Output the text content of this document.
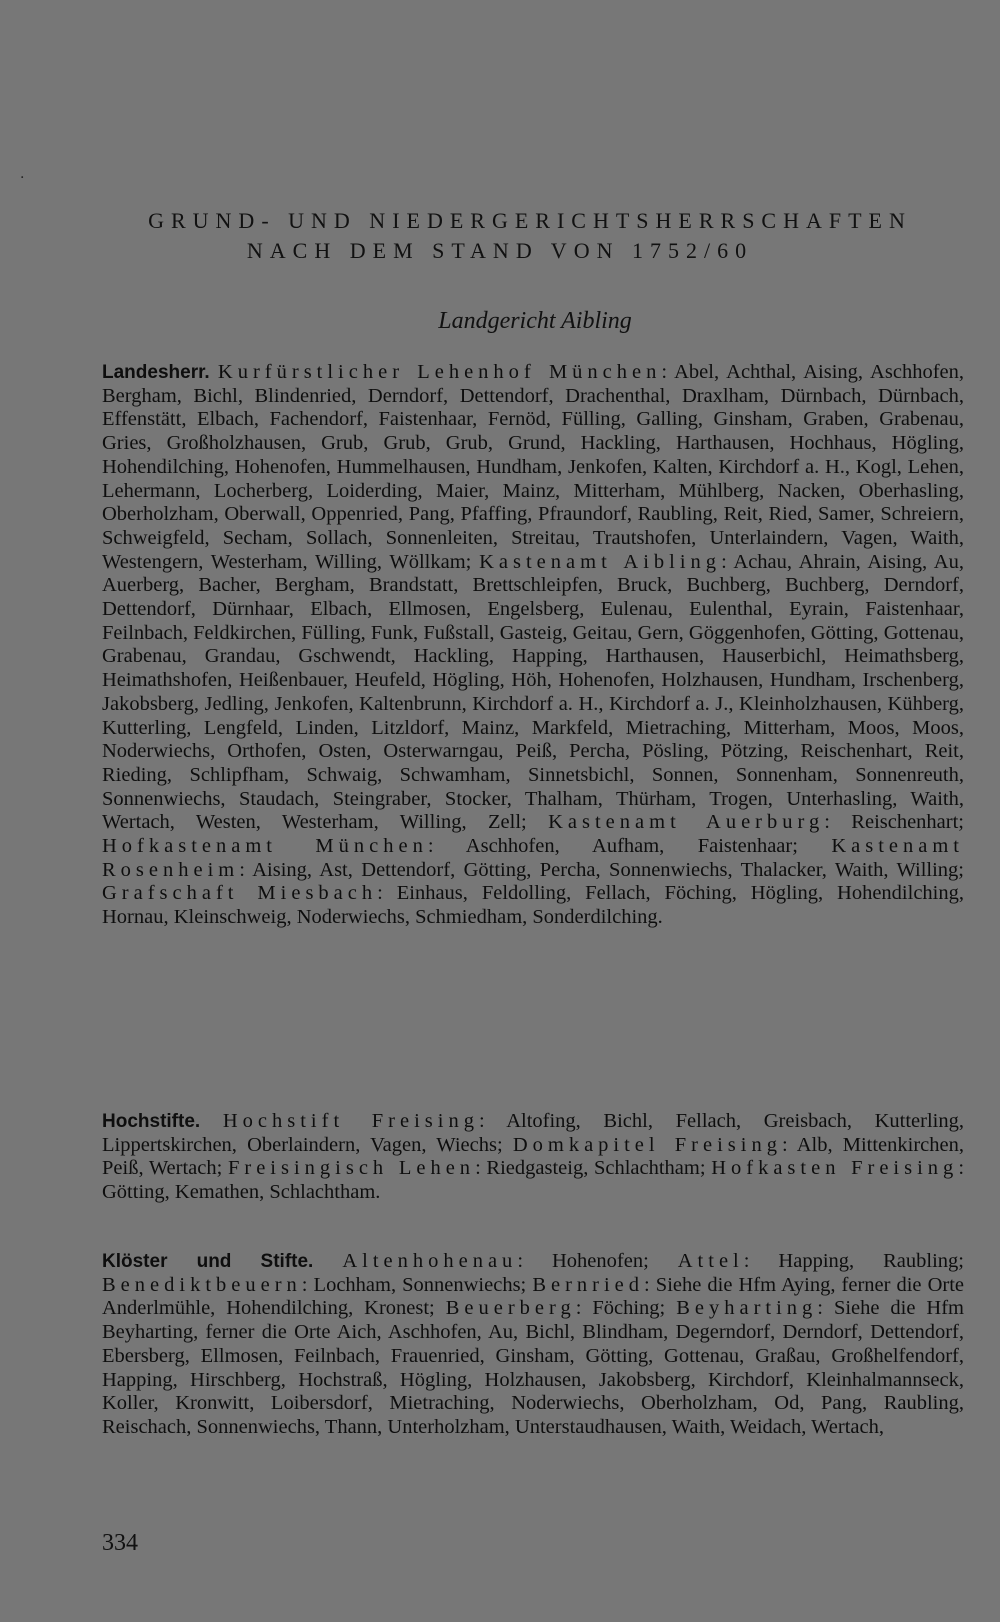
·
GRUND- UND NIEDERGERICHTSHERRSCHAFTEN
NACH DEM STAND VON 1752/60
Landgericht Aibling
Landesherr. Kurfürstlicher Lehenhof München: Abel, Achthal, Aising, Aschhofen, Bergham, Bichl, Blindenried, Derndorf, Dettendorf, Drachenthal, Draxlham, Dürnbach, Dürnbach, Effenstätt, Elbach, Fachendorf, Faistenhaar, Fernöd, Fülling, Galling, Ginsham, Graben, Grabenau, Gries, Großholzhausen, Grub, Grub, Grub, Grund, Hackling, Harthausen, Hochhaus, Högling, Hohendilching, Hohenofen, Hummelhausen, Hundham, Jenkofen, Kalten, Kirchdorf a. H., Kogl, Lehen, Lehermann, Locherberg, Loiderding, Maier, Mainz, Mitterham, Mühlberg, Nacken, Oberhasling, Oberholzham, Oberwall, Oppenried, Pang, Pfaffing, Pfraundorf, Raubling, Reit, Ried, Samer, Schreiern, Schweigfeld, Secham, Sollach, Sonnenleiten, Streitau, Trautshofen, Unterlaindern, Vagen, Waith, Westengern, Westerham, Willing, Wöllkam; Kastenamt Aibling: Achau, Ahrain, Aising, Au, Auerberg, Bacher, Bergham, Brandstatt, Brettschleipfen, Bruck, Buchberg, Buchberg, Derndorf, Dettendorf, Dürnhaar, Elbach, Ellmosen, Engelsberg, Eulenau, Eulenthal, Eyrain, Faistenhaar, Feilnbach, Feldkirchen, Fülling, Funk, Fußstall, Gasteig, Geitau, Gern, Göggenhofen, Götting, Gottenau, Grabenau, Grandau, Gschwendt, Hackling, Happing, Harthausen, Hauserbichl, Heimathsberg, Heimathshofen, Heißenbauer, Heufeld, Högling, Höh, Hohenofen, Holzhausen, Hundham, Irschenberg, Jakobsberg, Jedling, Jenkofen, Kaltenbrunn, Kirchdorf a. H., Kirchdorf a. J., Kleinholzhausen, Kühberg, Kutterling, Lengfeld, Linden, Litzldorf, Mainz, Markfeld, Mietraching, Mitterham, Moos, Moos, Noderwiechs, Orthofen, Osten, Osterwarngau, Peiß, Percha, Pösling, Pötzing, Reischenhart, Reit, Rieding, Schlipfham, Schwaig, Schwamham, Sinnetsbichl, Sonnen, Sonnenham, Sonnenreuth, Sonnenwiechs, Staudach, Steingraber, Stocker, Thalham, Thürham, Trogen, Unterhasling, Waith, Wertach, Westen, Westerham, Willing, Zell; Kastenamt Auerburg: Reischenhart; Hofkastenamt München: Aschhofen, Aufham, Faistenhaar; Kastenamt Rosenheim: Aising, Ast, Dettendorf, Götting, Percha, Sonnenwiechs, Thalacker, Waith, Willing; Grafschaft Miesbach: Einhaus, Feldolling, Fellach, Föching, Högling, Hohendilching, Hornau, Kleinschweig, Noderwiechs, Schmiedham, Sonderdilching.
Hochstifte. Hochstift Freising: Altofing, Bichl, Fellach, Greisbach, Kutterling, Lippertskirchen, Oberlaindern, Vagen, Wiechs; Domkapitel Freising: Alb, Mittenkirchen, Peiß, Wertach; Freisingisch Lehen: Riedgasteig, Schlachtham; Hofkasten Freising: Götting, Kemathen, Schlachtham.
Klöster und Stifte. Altenhohenau: Hohenofen; Attel: Happing, Raubling; Benediktbeuern: Lochham, Sonnenwiechs; Bernried: Siehe die Hfm Aying, ferner die Orte Anderlmühle, Hohendilching, Kronest; Beuerberg: Föching; Beyharting: Siehe die Hfm Beyharting, ferner die Orte Aich, Aschhofen, Au, Bichl, Blindham, Degerndorf, Derndorf, Dettendorf, Ebersberg, Ellmosen, Feilnbach, Frauenried, Ginsham, Götting, Gottenau, Graßau, Großhelfendorf, Happing, Hirschberg, Hochstraß, Högling, Holzhausen, Jakobsberg, Kirchdorf, Kleinhalmannseck, Koller, Kronwitt, Loibersdorf, Mietraching, Noderwiechs, Oberholzham, Od, Pang, Raubling, Reischach, Sonnenwiechs, Thann, Unterholzham, Unterstaudhausen, Waith, Weidach, Wertach,
334
